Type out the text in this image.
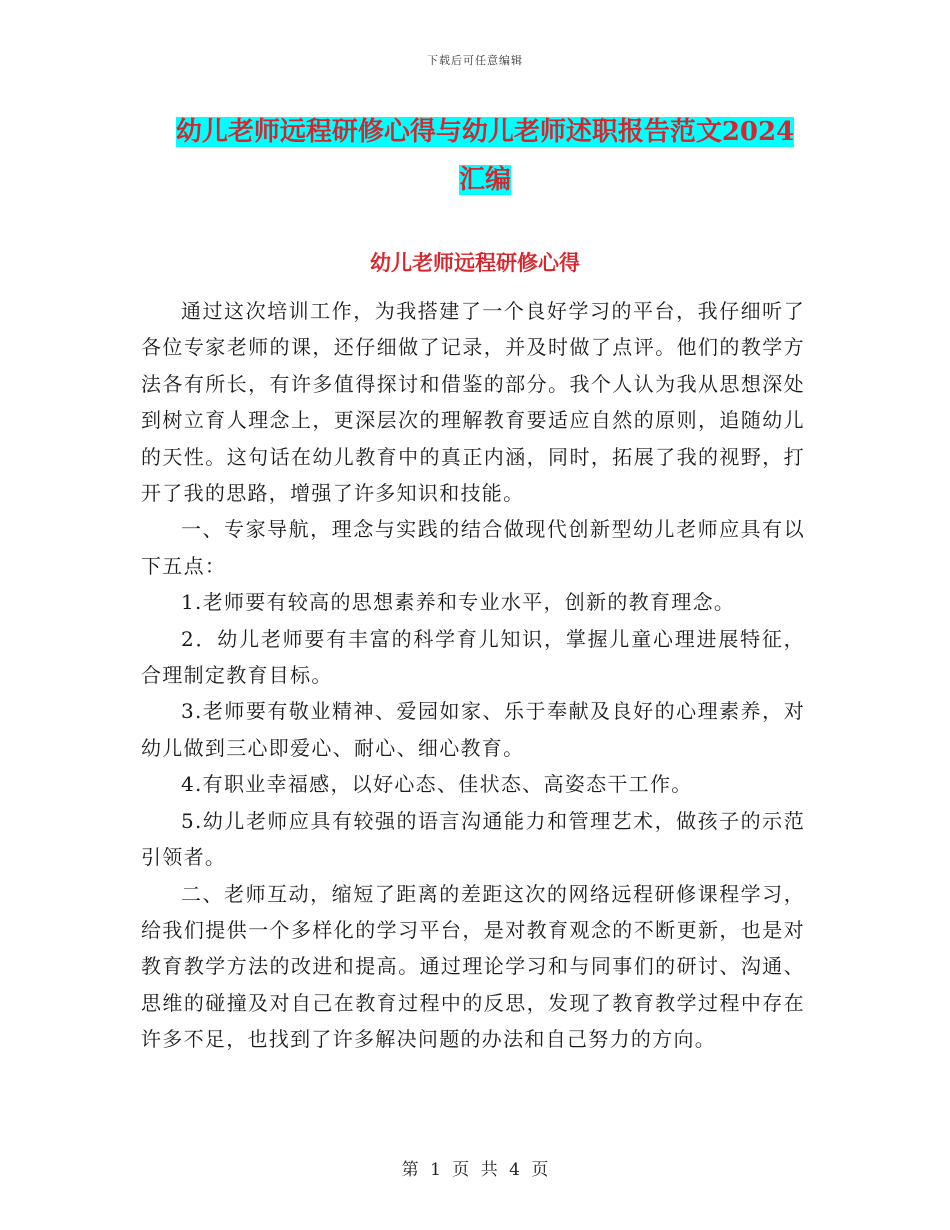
下载后可任意编辑
幼儿老师远程研修心得与幼儿老师述职报告范文2024汇编
幼儿老师远程研修心得

通过这次培训工作，为我搭建了一个良好学习的平台，我仔细听了各位专家老师的课，还仔细做了记录，并及时做了点评。他们的教学方法各有所长，有许多值得探讨和借鉴的部分。我个人认为我从思想深处到树立育人理念上，更深层次的理解教育要适应自然的原则，追随幼儿的天性。这句话在幼儿教育中的真正内涵，同时，拓展了我的视野，打开了我的思路，增强了许多知识和技能。

一、专家导航，理念与实践的结合做现代创新型幼儿老师应具有以下五点：

1.老师要有较高的思想素养和专业水平，创新的教育理念。

2．幼儿老师要有丰富的科学育儿知识，掌握儿童心理进展特征，合理制定教育目标。

3.老师要有敬业精神、爱园如家、乐于奉献及良好的心理素养，对幼儿做到三心即爱心、耐心、细心教育。

4.有职业幸福感，以好心态、佳状态、高姿态干工作。

5.幼儿老师应具有较强的语言沟通能力和管理艺术，做孩子的示范引领者。

二、老师互动，缩短了距离的差距这次的网络远程研修课程学习，给我们提供一个多样化的学习平台，是对教育观念的不断更新，也是对教育教学方法的改进和提高。通过理论学习和与同事们的研讨、沟通、思维的碰撞及对自己在教育过程中的反思，发现了教育教学过程中存在许多不足，也找到了许多解决问题的办法和自己努力的方向。

第 1 页 共 4 页
